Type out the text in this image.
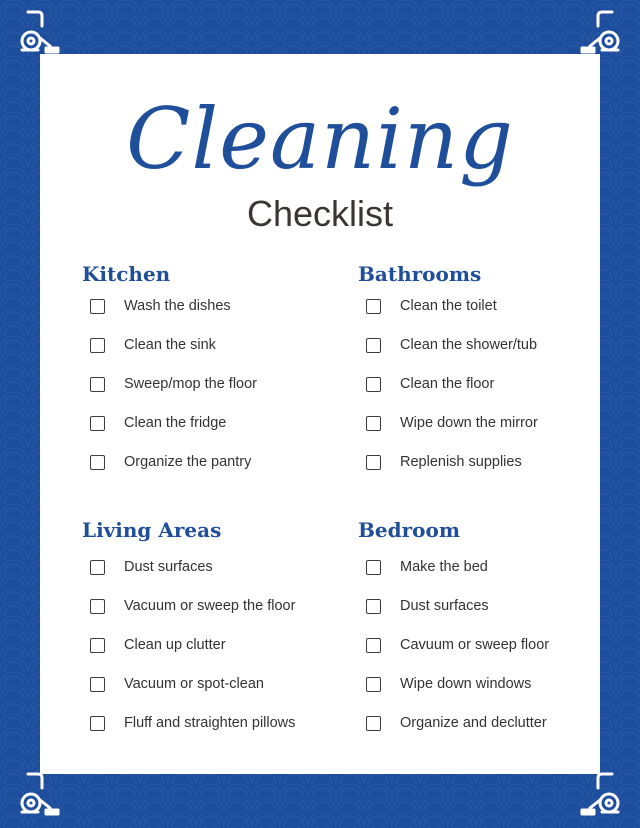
Cleaning
Checklist
Kitchen
Wash the dishes
Clean the sink
Sweep/mop the floor
Clean the fridge
Organize the pantry
Bathrooms
Clean the toilet
Clean the shower/tub
Clean the floor
Wipe down the mirror
Replenish supplies
Living Areas
Dust surfaces
Vacuum or sweep the floor
Clean up clutter
Vacuum or spot-clean
Fluff and straighten pillows
Bedroom
Make the bed
Dust surfaces
Cavuum or sweep floor
Wipe down windows
Organize and declutter
